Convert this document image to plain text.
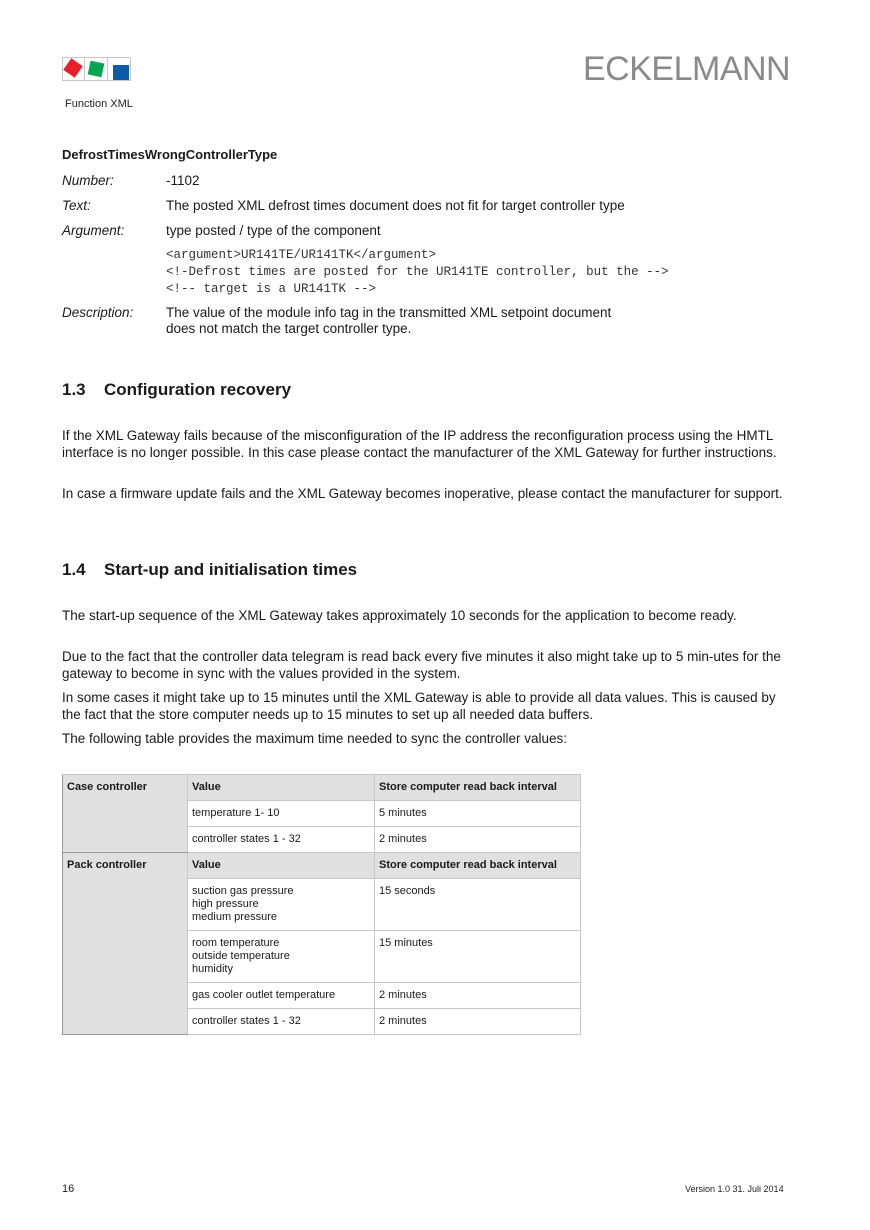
Function XML
ECKELMANN
DefrostTimesWrongControllerType
Number:	-1102
Text:	The posted XML defrost times document does not fit for target controller type
Argument:	type posted / type of the component
<argument>UR141TE/UR141TK</argument>
<!-Defrost times are posted for the UR141TE controller, but the -->
<!-- target is a UR141TK -->
Description:	The value of the module info tag in the transmitted XML setpoint document
does not match the target controller type.
1.3 Configuration recovery

If the XML Gateway fails because of the misconfiguration of the IP address the reconfiguration process using the HMTL interface is no longer possible. In this case please contact the manufacturer of the XML Gateway for further instructions.

In case a firmware update fails and the XML Gateway becomes inoperative, please contact the manufacturer for support.

1.4 Start-up and initialisation times

The start-up sequence of the XML Gateway takes approximately 10 seconds for the application to become ready.

Due to the fact that the controller data telegram is read back every five minutes it also might take up to 5 min-utes for the gateway to become in sync with the values provided in the system.

In some cases it might take up to 15 minutes until the XML Gateway is able to provide all data values. This is caused by the fact that the store computer needs up to 15 minutes to set up all needed data buffers.

The following table provides the maximum time needed to sync the controller values:

Case controller	Value	Store computer read back interval
	temperature 1- 10	5 minutes
	controller states 1 - 32	2 minutes
Pack controller	Value	Store computer read back interval

	suction gas pressure
high pressure
medium pressure	15 seconds

	room temperature
outside temperature
humidity	15 minutes
	gas cooler outlet temperature	2 minutes
	controller states 1 - 32	2 minutes
16	Version 1.0 31. Juli 2014
